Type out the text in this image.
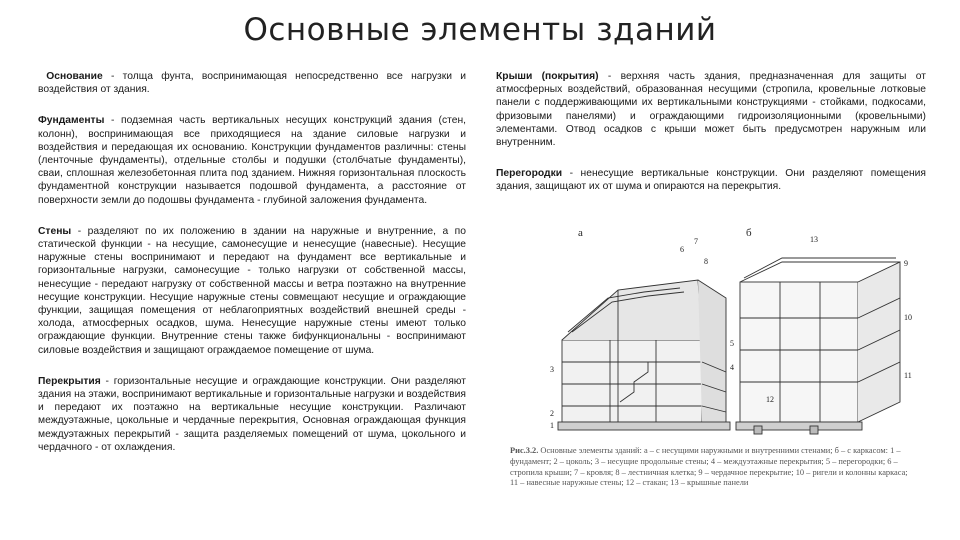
Основные элементы зданий

Основание - толща фунта, воспринимающая непосредственно все нагрузки и воздействия от здания.

Фундаменты - подземная часть вертикальных несущих конструкций здания (стен, колонн), воспринимающая все приходящиеся на здание силовые нагрузки и воздействия и передающая их основанию. Конструкции фундаментов различны: стены (ленточные фундаменты), отдельные столбы и подушки (столбчатые фундаменты), сваи, сплошная железобетонная плита под зданием. Нижняя горизонтальная плоскость фундаментной конструкции называется подошвой фундамента, а расстояние от поверхности земли до подошвы фундамента - глубиной заложения фундамента.

Стены - разделяют по их положению в здании на наружные и внутренние, а по статической функции - на несущие, самонесущие и ненесущие (навесные). Несущие наружные стены воспринимают и передают на фундамент все вертикальные и горизонтальные нагрузки, самонесущие - только нагрузки от собственной массы, ненесущие - передают нагрузку от собственной массы и ветра поэтажно на внутренние несущие конструкции. Несущие наружные стены совмещают несущие и ограждающие функции, защищая помещения от неблагоприятных воздействий внешней среды - холода, атмосферных осадков, шума. Ненесущие наружные стены имеют только ограждающие функции. Внутренние стены также бифункциональны - воспринимают силовые воздействия и защищают ограждаемое помещение от шума.

Перекрытия - горизонтальные несущие и ограждающие конструкции. Они разделяют здания на этажи, воспринимают вертикальные и горизонтальные нагрузки и воздействия и передают их поэтажно на вертикальные несущие конструкции. Различают междуэтажные, цокольные и чердачные перекрытия, Основная ограждающая функция междуэтажных перекрытий - защита разделяемых помещений от шума, цокольного и чердачного - от охлаждения.

Крыши (покрытия) - верхняя часть здания, предназначенная для защиты от атмосферных воздействий, образованная несущими (стропила, кровельные лотковые панели с поддерживающими их вертикальными конструкциями - стойками, подкосами, фризовыми панелями) и ограждающими гидроизоляционными (кровельными) элементами. Отвод осадков с крыши может быть предусмотрен наружным или внутренним.

Перегородки - ненесущие вертикальные конструкции. Они разделяют помещения здания, защищают их от шума и опираются на перекрытия.

а	б
1
2
3	4
5
6
7
8	9
10
11
12
13

Рис.3.2. Основные элементы зданий: а – с несущими наружными и внутренними стенами; б – с каркасом: 1 – фундамент; 2 – цоколь; 3 – несущие продольные стены; 4 – междуэтажные перекрытия; 5 – перегородки; 6 – стропила крыши; 7 – кровля; 8 – лестничная клетка; 9 – чердачное перекрытие; 10 – ригели и колонны каркаса; 11 – навесные наружные стены; 12 – стакан; 13 – крышные панели
